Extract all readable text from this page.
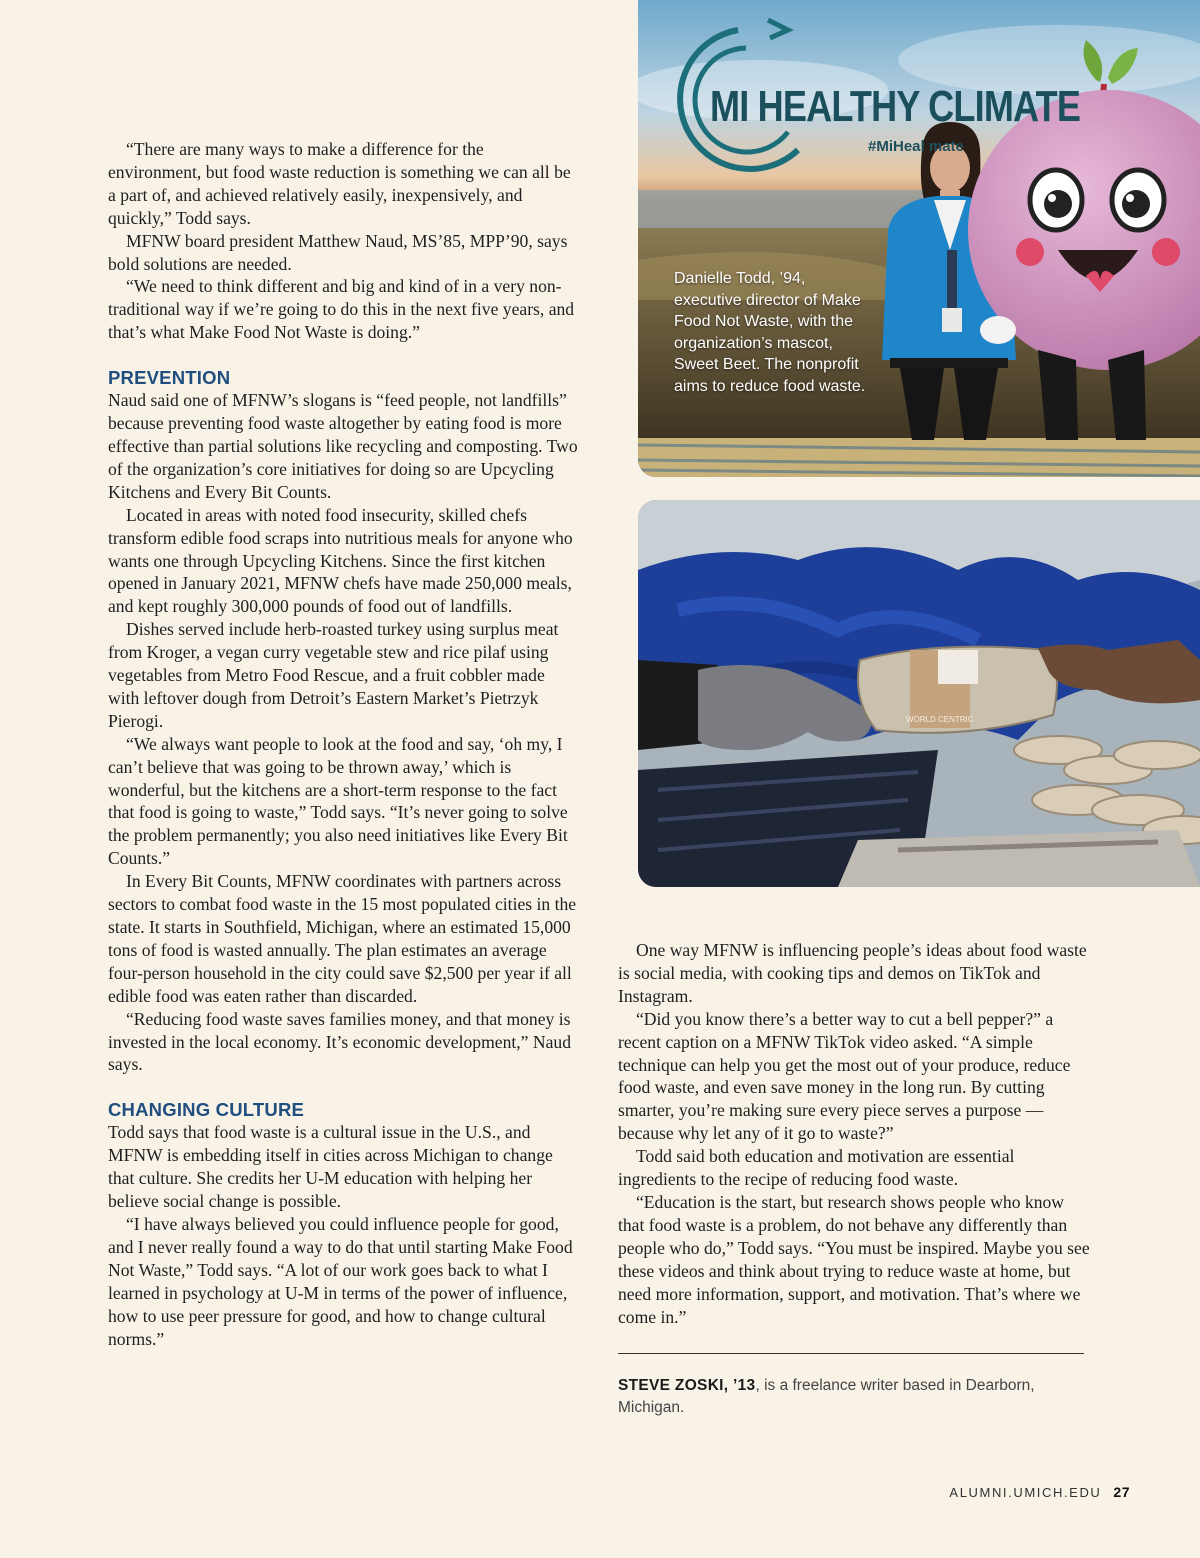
“There are many ways to make a difference for the environment, but food waste reduction is something we can all be a part of, and achieved relatively easily, inexpensively, and quickly,” Todd says.

MFNW board president Matthew Naud, MS’85, MPP’90, says bold solutions are needed.

“We need to think different and big and kind of in a very non-traditional way if we’re going to do this in the next five years, and that’s what Make Food Not Waste is doing.”

PREVENTION

Naud said one of MFNW’s slogans is “feed people, not landfills” because preventing food waste altogether by eating food is more effective than partial solutions like recycling and composting. Two of the organization’s core initiatives for doing so are Upcycling Kitchens and Every Bit Counts.

Located in areas with noted food insecurity, skilled chefs transform edible food scraps into nutritious meals for anyone who wants one through Upcycling Kitchens. Since the first kitchen opened in January 2021, MFNW chefs have made 250,000 meals, and kept roughly 300,000 pounds of food out of landfills.

Dishes served include herb-roasted turkey using surplus meat from Kroger, a vegan curry vegetable stew and rice pilaf using vegetables from Metro Food Rescue, and a fruit cobbler made with leftover dough from Detroit’s Eastern Market’s Pietrzyk Pierogi.

“We always want people to look at the food and say, ‘oh my, I can’t believe that was going to be thrown away,’ which is wonderful, but the kitchens are a short-term response to the fact that food is going to waste,” Todd says. “It’s never going to solve the problem permanently; you also need initiatives like Every Bit Counts.”

In Every Bit Counts, MFNW coordinates with partners across sectors to combat food waste in the 15 most populated cities in the state. It starts in Southfield, Michigan, where an estimated 15,000 tons of food is wasted annually. The plan estimates an average four-person household in the city could save $2,500 per year if all edible food was eaten rather than discarded.

“Reducing food waste saves families money, and that money is invested in the local economy. It’s economic development,” Naud says.

CHANGING CULTURE

Todd says that food waste is a cultural issue in the U.S., and MFNW is embedding itself in cities across Michigan to change that culture. She credits her U-M education with helping her believe social change is possible.

“I have always believed you could influence people for good, and I never really found a way to do that until starting Make Food Not Waste,” Todd says. “A lot of our work goes back to what I learned in psychology at U-M in terms of the power of influence, how to use peer pressure for good, and how to change cultural norms.”

MI HEALTHY CLIMATE
#MiHeal mate
Danielle Todd, ’94, executive director of Make Food Not Waste, with the organization’s mascot, Sweet Beet. The nonprofit aims to reduce food waste.
WORLD CENTRIC

One way MFNW is influencing people’s ideas about food waste is social media, with cooking tips and demos on TikTok and Instagram.

“Did you know there’s a better way to cut a bell pepper?” a recent caption on a MFNW TikTok video asked. “A simple technique can help you get the most out of your produce, reduce food waste, and even save money in the long run. By cutting smarter, you’re making sure every piece serves a purpose — because why let any of it go to waste?”

Todd said both education and motivation are essential ingredients to the recipe of reducing food waste.

“Education is the start, but research shows people who know that food waste is a problem, do not behave any differently than people who do,” Todd says. “You must be inspired. Maybe you see these videos and think about trying to reduce waste at home, but need more information, support, and motivation. That’s where we come in.”

STEVE ZOSKI, ’13, is a freelance writer based in Dearborn, Michigan.
ALUMNI.UMICH.EDU 27
